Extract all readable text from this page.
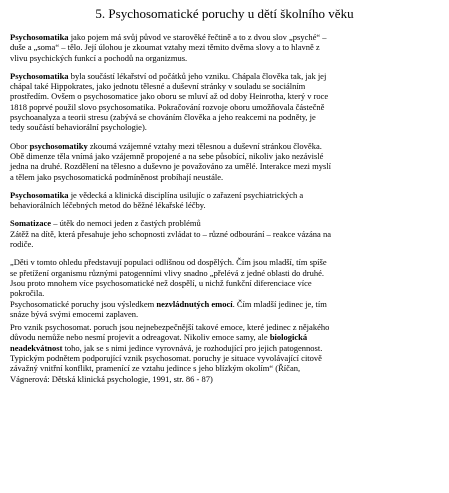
5. Psychosomatické poruchy u dětí školního věku
Psychosomatika jako pojem má svůj původ ve starověké řečtině a to z dvou slov „psyché“ –
duše a „soma“ – tělo. Její úlohou je zkoumat vztahy mezi těmito dvěma slovy a to hlavně z
vlivu psychických funkcí a pochodů na organizmus.
Psychosomatika byla součástí lékařství od počátků jeho vzniku. Chápala člověka tak, jak jej
chápal také Hippokrates, jako jednotu tělesné a duševní stránky v souladu se sociálním
prostředím. Ovšem o psychosomatice jako oboru se mluví až od doby Heinrotha, který v roce
1818 poprvé použil slovo psychosomatika. Pokračování rozvoje oboru umožňovala částečně
psychoanalyza a teorii stresu (zabývá se chováním člověka a jeho reakcemi na podněty, je
tedy součástí behaviorální psychologie).
Obor psychosomatiky zkoumá vzájemné vztahy mezi tělesnou a duševní stránkou člověka.
Obě dimenze těla vnímá jako vzájemně propojené a na sebe působící, nikoliv jako nezávislé
jedna na druhé. Rozdělení na tělesno a duševno je považováno za umělé. Interakce mezi myslí
a tělem jako psychosomatická podmíněnost probíhají neustále.
Psychosomatika je vědecká a klinická disciplína usilujíc o zařazení psychiatrických a
behaviorálních léčebných metod do běžné lékařské léčby.
Somatizace – útěk do nemoci jeden z častých problémů
Zátěž na dítě, která přesahuje jeho schopnosti zvládat to – různé odbourání – reakce vázána na
rodiče.
„Děti v tomto ohledu představují populaci odlišnou od dospělých. Čím jsou mladší, tím spíše
se přetížení organismu různými patogenními vlivy snadno „přelévá z jedné oblasti do druhé.
Jsou proto mnohem více psychosomatické než dospělí, u nichž funkční diferenciace více
pokročila.
Psychosomatické poruchy jsou výsledkem nezvládnutých emocí. Čím mladší jedinec je, tím
snáze bývá svými emocemi zaplaven.
Pro vznik psychosomat. poruch jsou nejnebezpečnější takové emoce, které jedinec z nějakého
důvodu nemůže nebo nesmí projevit a odreagovat. Nikoliv emoce samy, ale biologická
neadekvátnost toho, jak se s nimi jedince vyrovnává, je rozhodující pro jejich patogennost.
Typickým podnětem podporující vznik psychosomat. poruchy je situace vyvolávající citově
závažný vnitřní konflikt, pramenící ze vztahu jedince s jeho blízkým okolím“ (Říčan,
Vágnerová: Dětská klinická psychologie, 1991, str. 86 - 87)
